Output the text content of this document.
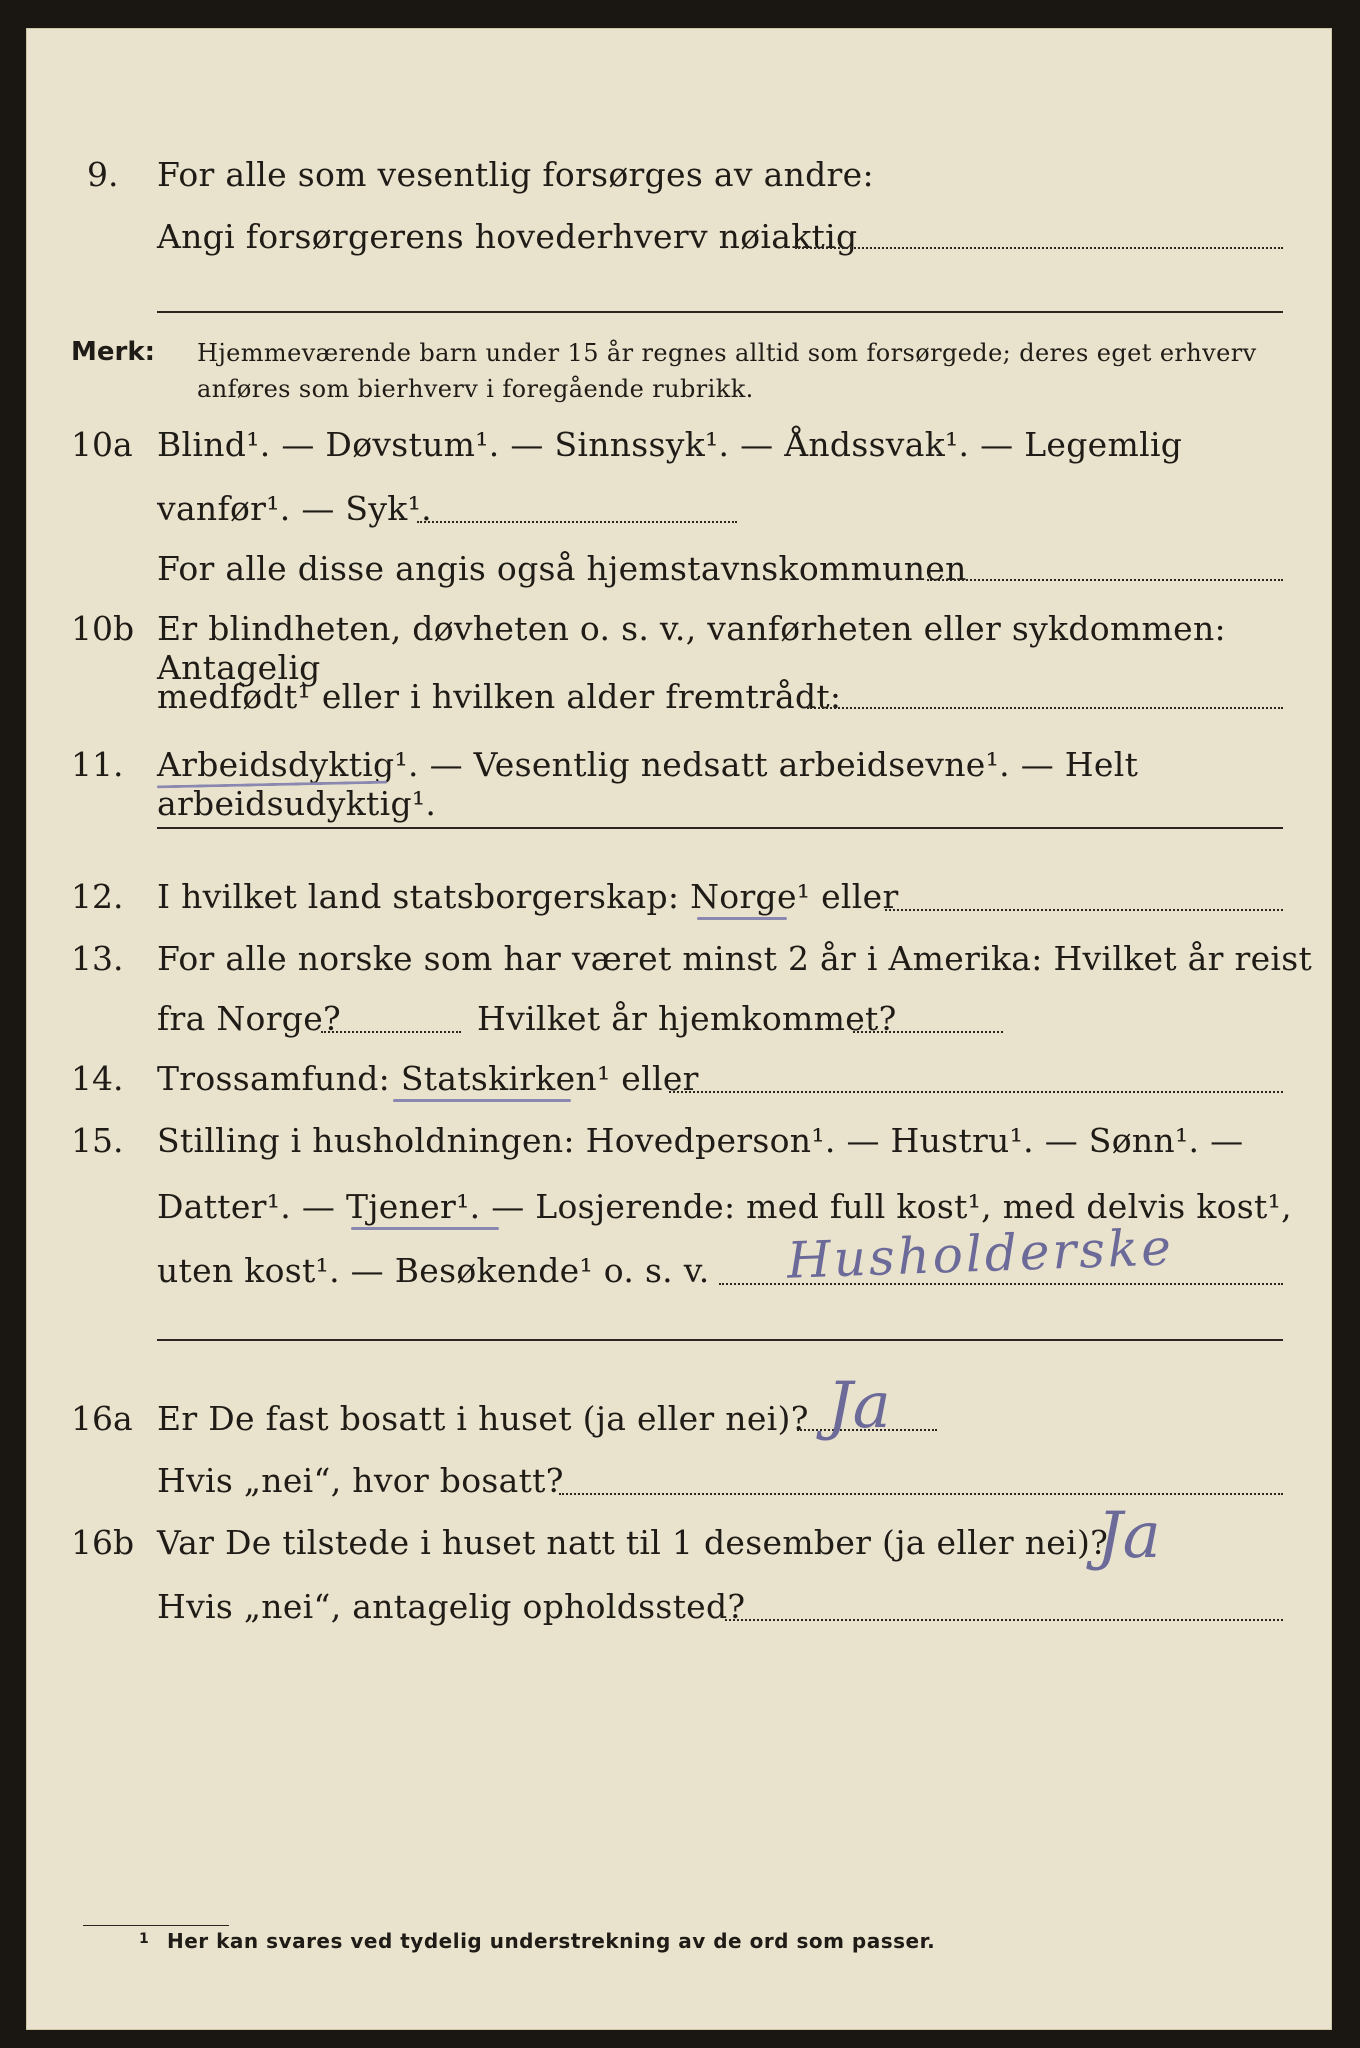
9. For alle som vesentlig forsørges av andre:
Angi forsørgerens hovederhverv nøiaktig
Merk: Hjemmeværende barn under 15 år regnes alltid som forsørgede; deres eget erhverv
anføres som bierhverv i foregående rubrikk.
10a Blind¹. — Døvstum¹. — Sinnssyk¹. — Åndssvak¹. — Legemlig
vanfør¹. — Syk¹.
For alle disse angis også hjemstavnskommunen
10b Er blindheten, døvheten o. s. v., vanførheten eller sykdommen: Antagelig
medfødt¹ eller i hvilken alder fremtrådt:
11. Arbeidsdyktig¹. — Vesentlig nedsatt arbeidsevne¹. — Helt arbeidsudyktig¹.
12. I hvilket land statsborgerskap: Norge¹ eller
13. For alle norske som har været minst 2 år i Amerika: Hvilket år reist
fra Norge?	Hvilket år hjemkommet?
14. Trossamfund: Statskirken¹ eller
15. Stilling i husholdningen: Hovedperson¹. — Hustru¹. — Sønn¹. —
Datter¹. — Tjener¹. — Losjerende: med full kost¹, med delvis kost¹,
uten kost¹. — Besøkende¹ o. s. v. Husholderske
16a Er De fast bosatt i huset (ja eller nei)? Ja
Hvis „nei“, hvor bosatt?
16b Var De tilstede i huset natt til 1 desember (ja eller nei)?
Ja
Hvis „nei“, antagelig opholdssted?
1 Her kan svares ved tydelig understrekning av de ord som passer.
